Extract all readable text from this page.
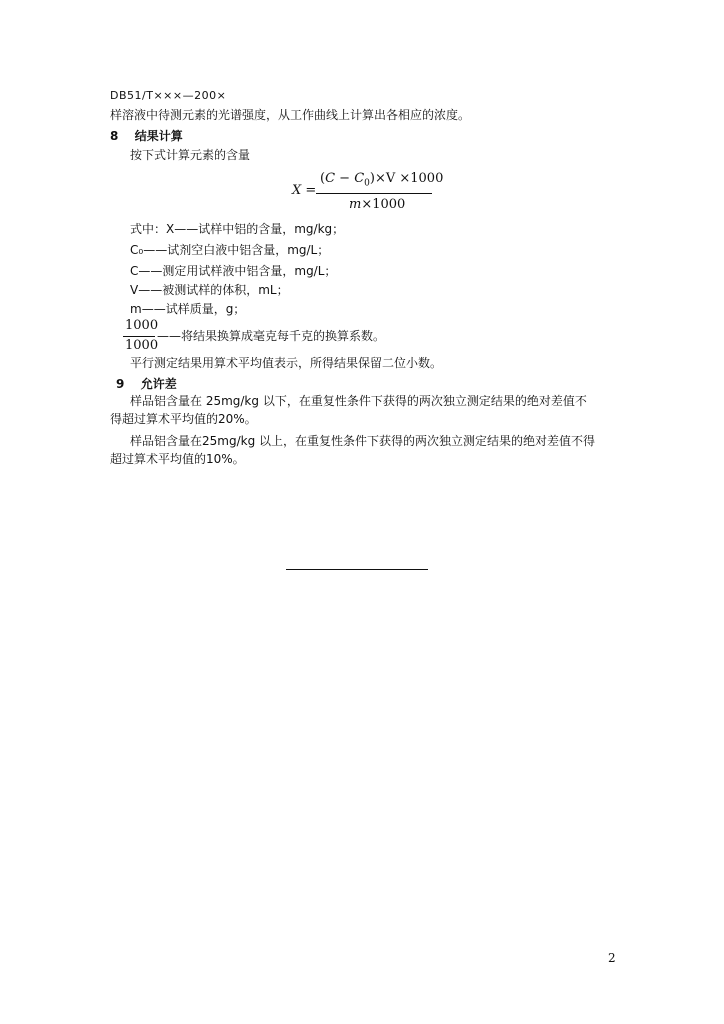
DB51/T×××—200×
样溶液中待测元素的光谱强度，从工作曲线上计算出各相应的浓度。
8 结果计算
按下式计算元素的含量
X =
$(C - C_0)\times V \times 1000$
m×1000
式中：X——试样中铝的含量，mg/kg；
C₀——试剂空白液中铝含量，mg/L；
C——测定用试样液中铝含量，mg/L；
V——被测试样的体积，mL；
m——试样质量，g；
1000
1000
——将结果换算成毫克每千克的换算系数。
平行测定结果用算术平均值表示，所得结果保留二位小数。
9 允许差
样品铝含量在 25mg/kg 以下，在重复性条件下获得的两次独立测定结果的绝对差值不
得超过算术平均值的20%。
样品铝含量在25mg/kg 以上，在重复性条件下获得的两次独立测定结果的绝对差值不得
超过算术平均值的10%。
2
